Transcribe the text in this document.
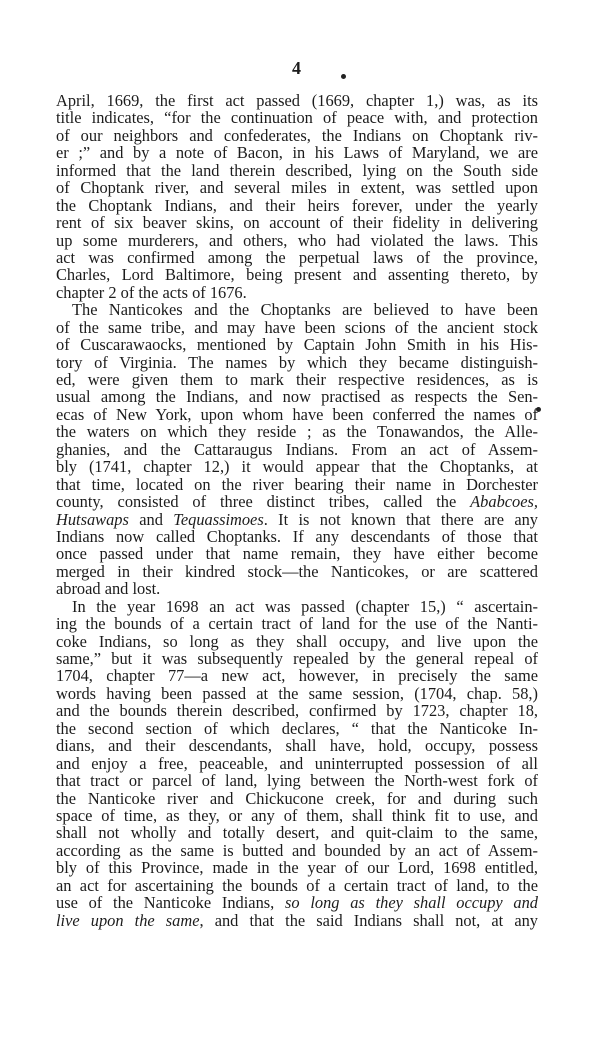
4
April, 1669, the first act passed (1669, chapter 1,) was, as its
title indicates, “for the continuation of peace with, and protection
of our neighbors and confederates, the Indians on Choptank riv-
er ;” and by a note of Bacon, in his Laws of Maryland, we are
informed that the land therein described, lying on the South side
of Choptank river, and several miles in extent, was settled upon
the Choptank Indians, and their heirs forever, under the yearly
rent of six beaver skins, on account of their fidelity in delivering
up some murderers, and others, who had violated the laws. This
act was confirmed among the perpetual laws of the province,
Charles, Lord Baltimore, being present and assenting thereto, by
chapter 2 of the acts of 1676.
The Nanticokes and the Choptanks are believed to have been
of the same tribe, and may have been scions of the ancient stock
of Cuscarawaocks, mentioned by Captain John Smith in his His-
tory of Virginia. The names by which they became distinguish-
ed, were given them to mark their respective residences, as is
usual among the Indians, and now practised as respects the Sen-
ecas of New York, upon whom have been conferred the names of
the waters on which they reside ; as the Tonawandos, the Alle-
ghanies, and the Cattaraugus Indians. From an act of Assem-
bly (1741, chapter 12,) it would appear that the Choptanks, at
that time, located on the river bearing their name in Dorchester
county, consisted of three distinct tribes, called the Ababcoes,
Hutsawaps and Tequassimoes. It is not known that there are any
Indians now called Choptanks. If any descendants of those that
once passed under that name remain, they have either become
merged in their kindred stock—the Nanticokes, or are scattered
abroad and lost.
In the year 1698 an act was passed (chapter 15,) “ ascertain-
ing the bounds of a certain tract of land for the use of the Nanti-
coke Indians, so long as they shall occupy, and live upon the
same,” but it was subsequently repealed by the general repeal of
1704, chapter 77—a new act, however, in precisely the same
words having been passed at the same session, (1704, chap. 58,)
and the bounds therein described, confirmed by 1723, chapter 18,
the second section of which declares, “ that the Nanticoke In-
dians, and their descendants, shall have, hold, occupy, possess
and enjoy a free, peaceable, and uninterrupted possession of all
that tract or parcel of land, lying between the North-west fork of
the Nanticoke river and Chickucone creek, for and during such
space of time, as they, or any of them, shall think fit to use, and
shall not wholly and totally desert, and quit-claim to the same,
according as the same is butted and bounded by an act of Assem-
bly of this Province, made in the year of our Lord, 1698 entitled,
an act for ascertaining the bounds of a certain tract of land, to the
use of the Nanticoke Indians, so long as they shall occupy and
live upon the same, and that the said Indians shall not, at any
